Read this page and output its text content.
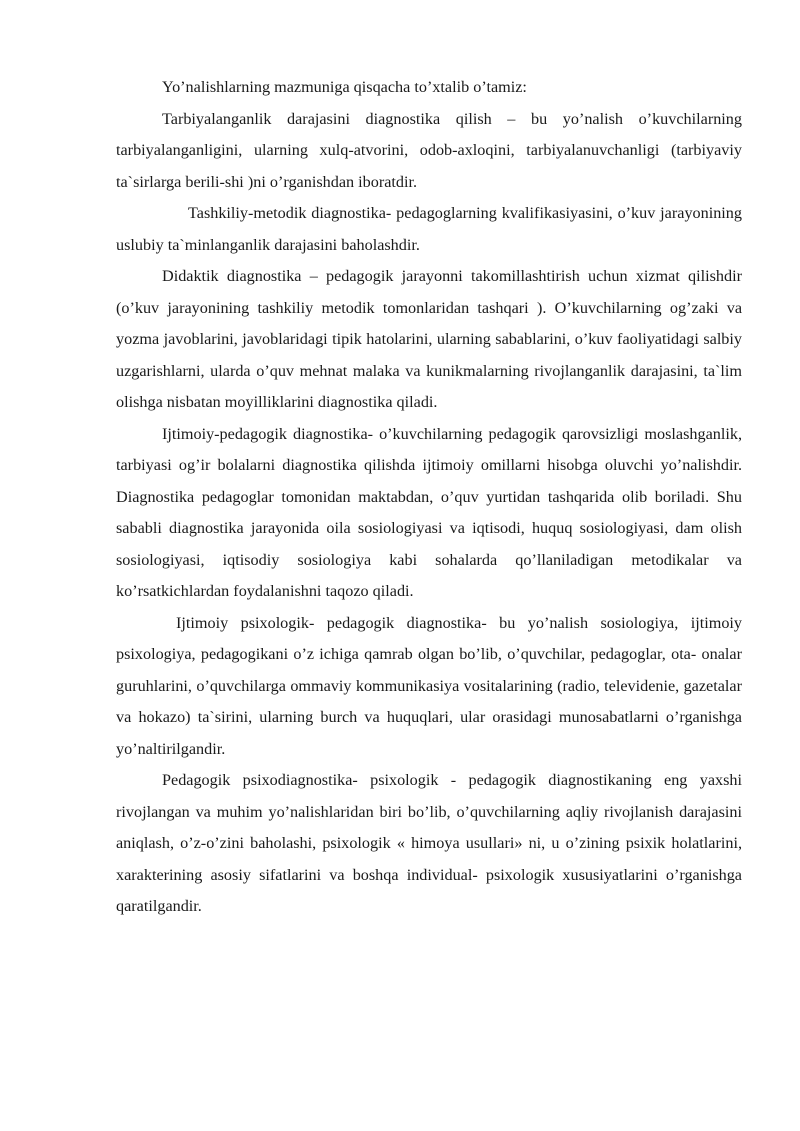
Yo’nalishlarning mazmuniga qisqacha to’xtalib o’tamiz:

Tarbiyalanganlik darajasini diagnostika qilish – bu yo’nalish o’kuvchilarning tarbiyalanganligini, ularning xulq-atvorini, odob-axloqini, tarbiyalanuvchanligi (tarbiyaviy ta`sirlarga berili-shi )ni o’rganishdan iboratdir.

Tashkiliy-metodik diagnostika- pedagoglarning kvalifikasiyasini, o’kuv jarayonining uslubiy ta`minlanganlik darajasini baholashdir.

Didaktik diagnostika – pedagogik jarayonni takomillashtirish uchun xizmat qilishdir (o’kuv jarayonining tashkiliy metodik tomonlaridan tashqari ). O’kuvchilarning og’zaki va yozma javoblarini, javoblaridagi tipik hatolarini, ularning sabablarini, o’kuv faoliyatidagi salbiy uzgarishlarni, ularda o’quv mehnat malaka va kunikmalarning rivojlanganlik darajasini, ta`lim olishga nisbatan moyilliklarini diagnostika qiladi.

Ijtimoiy-pedagogik diagnostika- o’kuvchilarning pedagogik qarovsizligi moslashganlik, tarbiyasi og’ir bolalarni diagnostika qilishda ijtimoiy omillarni hisobga oluvchi yo’nalishdir. Diagnostika pedagoglar tomonidan maktabdan, o’quv yurtidan tashqarida olib boriladi. Shu sababli diagnostika jarayonida oila sosiologiyasi va iqtisodi, huquq sosiologiyasi, dam olish sosiologiyasi, iqtisodiy sosiologiya kabi sohalarda qo’llaniladigan metodikalar va ko’rsatkichlardan foydalanishni taqozo qiladi.

Ijtimoiy psixologik- pedagogik diagnostika- bu yo’nalish sosiologiya, ijtimoiy psixologiya, pedagogikani o’z ichiga qamrab olgan bo’lib, o’quvchilar, pedagoglar, ota- onalar guruhlarini, o’quvchilarga ommaviy kommunikasiya vositalarining (radio, televidenie, gazetalar va hokazo) ta`sirini, ularning burch va huquqlari, ular orasidagi munosabatlarni o’rganishga yo’naltirilgandir.

Pedagogik psixodiagnostika- psixologik - pedagogik diagnostikaning eng yaxshi rivojlangan va muhim yo’nalishlaridan biri bo’lib, o’quvchilarning aqliy rivojlanish darajasini aniqlash, o’z-o’zini baholashi, psixologik « himoya usullari» ni, u o’zining psixik holatlarini, xarakterining asosiy sifatlarini va boshqa individual- psixologik xususiyatlarini o’rganishga qaratilgandir.
